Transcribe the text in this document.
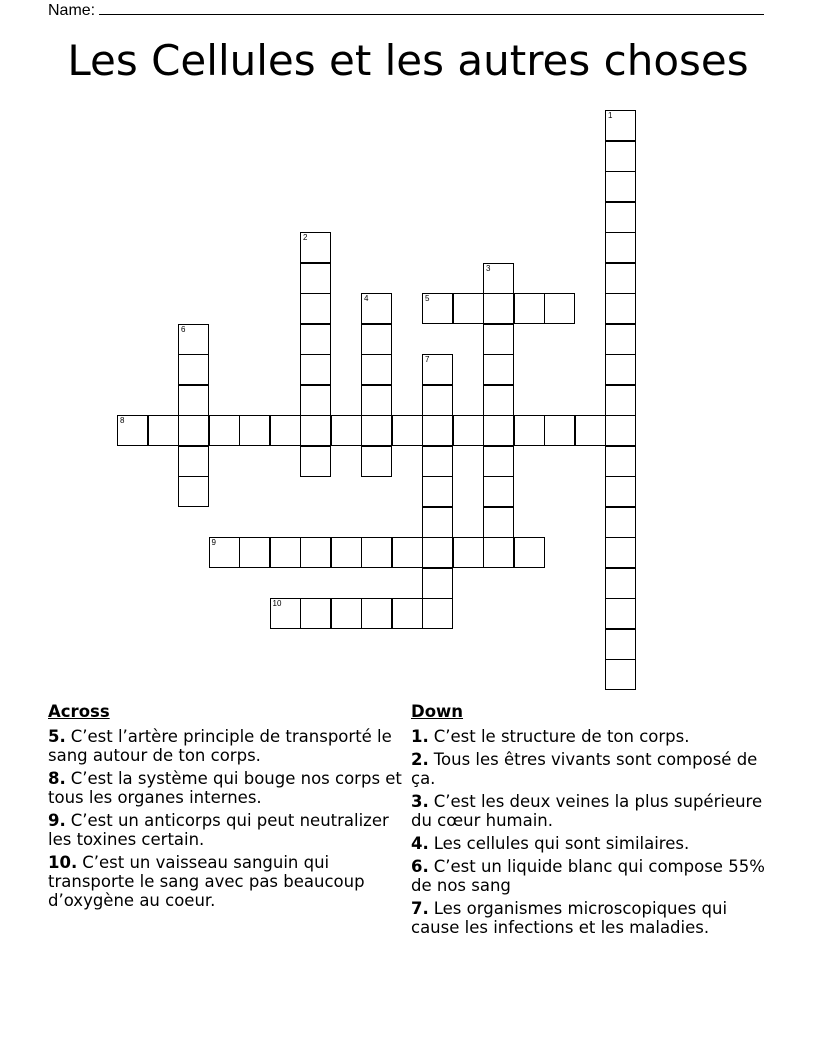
Name:
Les Cellules et les autres choses
1
2
3
4	5
6
7
8
9
10
Across
5. C’est l’artère principle de transporté le sang autour de ton corps.
8. C’est la système qui bouge nos corps et tous les organes internes.
9. C’est un anticorps qui peut neutralizer les toxines certain.
10. C’est un vaisseau sanguin qui transporte le sang avec pas beaucoup d’oxygène au coeur.
Down
1. C’est le structure de ton corps.
2. Tous les êtres vivants sont composé de ça.
3. C’est les deux veines la plus supérieure du cœur humain.
4. Les cellules qui sont similaires.
6. C’est un liquide blanc qui compose 55% de nos sang
7. Les organismes microscopiques qui cause les infections et les maladies.
